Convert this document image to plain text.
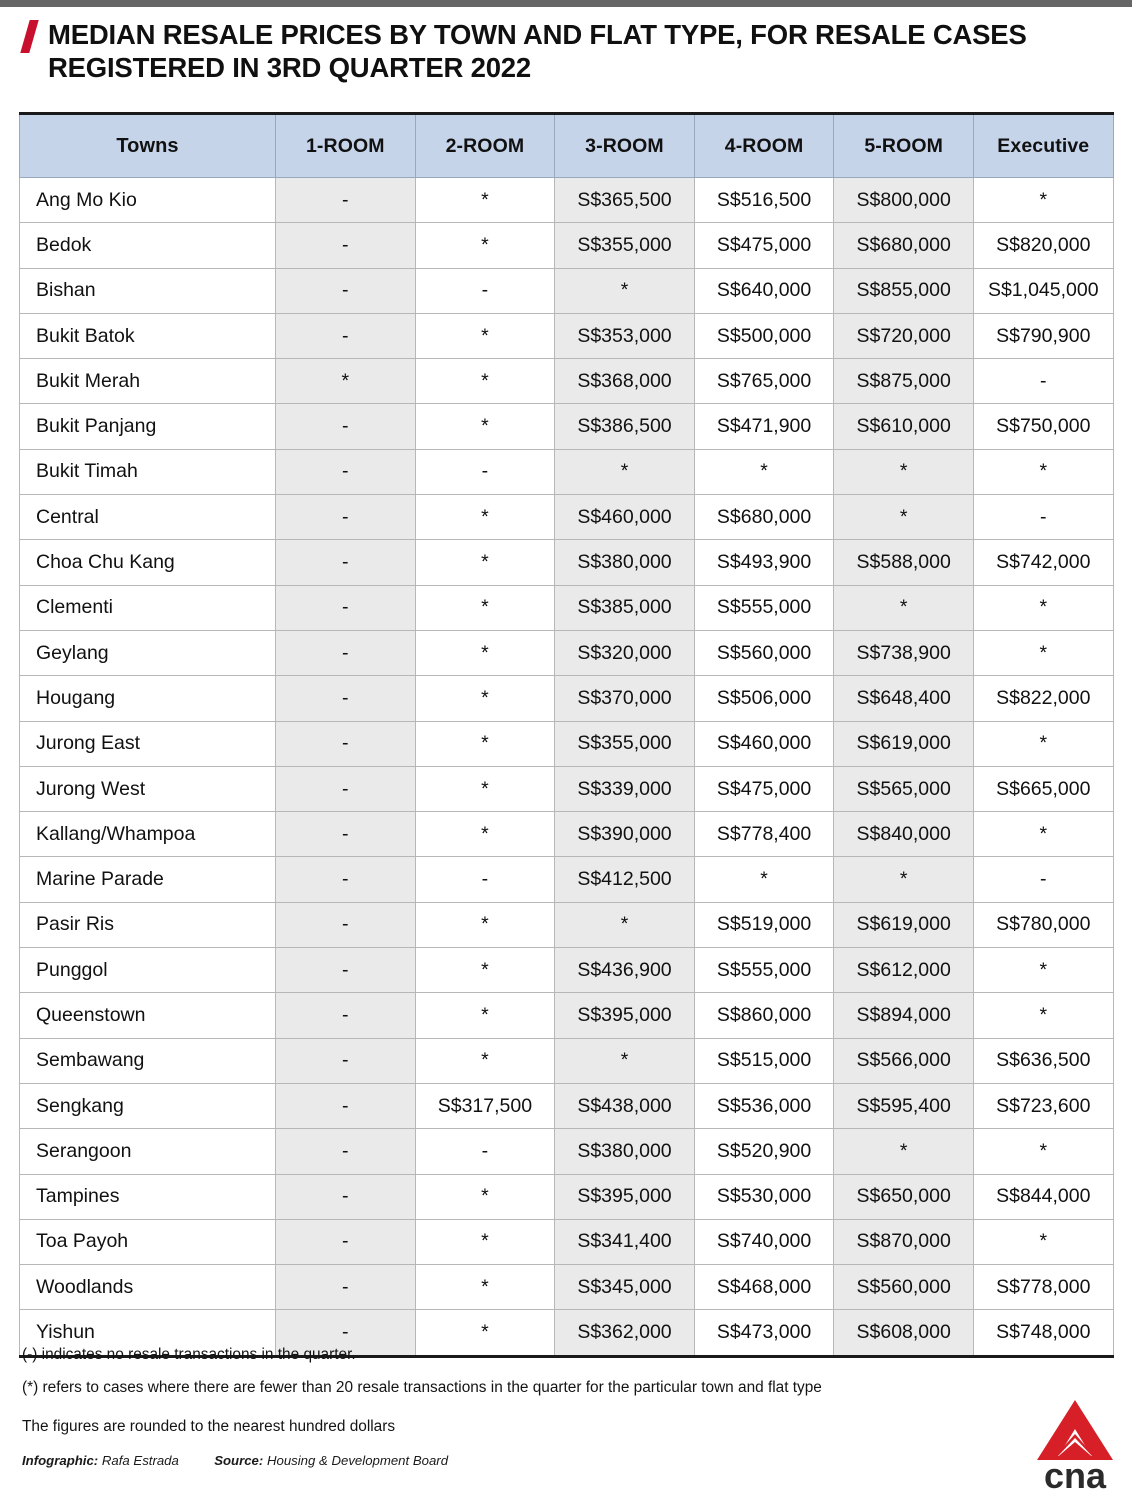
MEDIAN RESALE PRICES BY TOWN AND FLAT TYPE, FOR RESALE CASES REGISTERED IN 3RD QUARTER 2022
Towns	1-ROOM	2-ROOM	3-ROOM	4-ROOM	5-ROOM	Executive
Ang Mo Kio	-	*	S$365,500	S$516,500	S$800,000	*
Bedok	-	*	S$355,000	S$475,000	S$680,000	S$820,000
Bishan	-	-	*	S$640,000	S$855,000	S$1,045,000
Bukit Batok	-	*	S$353,000	S$500,000	S$720,000	S$790,900
Bukit Merah	*	*	S$368,000	S$765,000	S$875,000	-
Bukit Panjang	-	*	S$386,500	S$471,900	S$610,000	S$750,000
Bukit Timah	-	-	*	*	*	*
Central	-	*	S$460,000	S$680,000	*	-
Choa Chu Kang	-	*	S$380,000	S$493,900	S$588,000	S$742,000
Clementi	-	*	S$385,000	S$555,000	*	*
Geylang	-	*	S$320,000	S$560,000	S$738,900	*
Hougang	-	*	S$370,000	S$506,000	S$648,400	S$822,000
Jurong East	-	*	S$355,000	S$460,000	S$619,000	*
Jurong West	-	*	S$339,000	S$475,000	S$565,000	S$665,000
Kallang/Whampoa	-	*	S$390,000	S$778,400	S$840,000	*
Marine Parade	-	-	S$412,500	*	*	-
Pasir Ris	-	*	*	S$519,000	S$619,000	S$780,000
Punggol	-	*	S$436,900	S$555,000	S$612,000	*
Queenstown	-	*	S$395,000	S$860,000	S$894,000	*
Sembawang	-	*	*	S$515,000	S$566,000	S$636,500
Sengkang	-	S$317,500	S$438,000	S$536,000	S$595,400	S$723,600
Serangoon	-	-	S$380,000	S$520,900	*	*
Tampines	-	*	S$395,000	S$530,000	S$650,000	S$844,000
Toa Payoh	-	*	S$341,400	S$740,000	S$870,000	*
Woodlands	-	*	S$345,000	S$468,000	S$560,000	S$778,000
Yishun	-	*	S$362,000	S$473,000	S$608,000	S$748,000
(-) indicates no resale transactions in the quarter.
(*) refers to cases where there are fewer than 20 resale transactions in the quarter for the particular town and flat type
The figures are rounded to the nearest hundred dollars
Infographic: Rafa Estrada	Source: Housing & Development Board	cna
